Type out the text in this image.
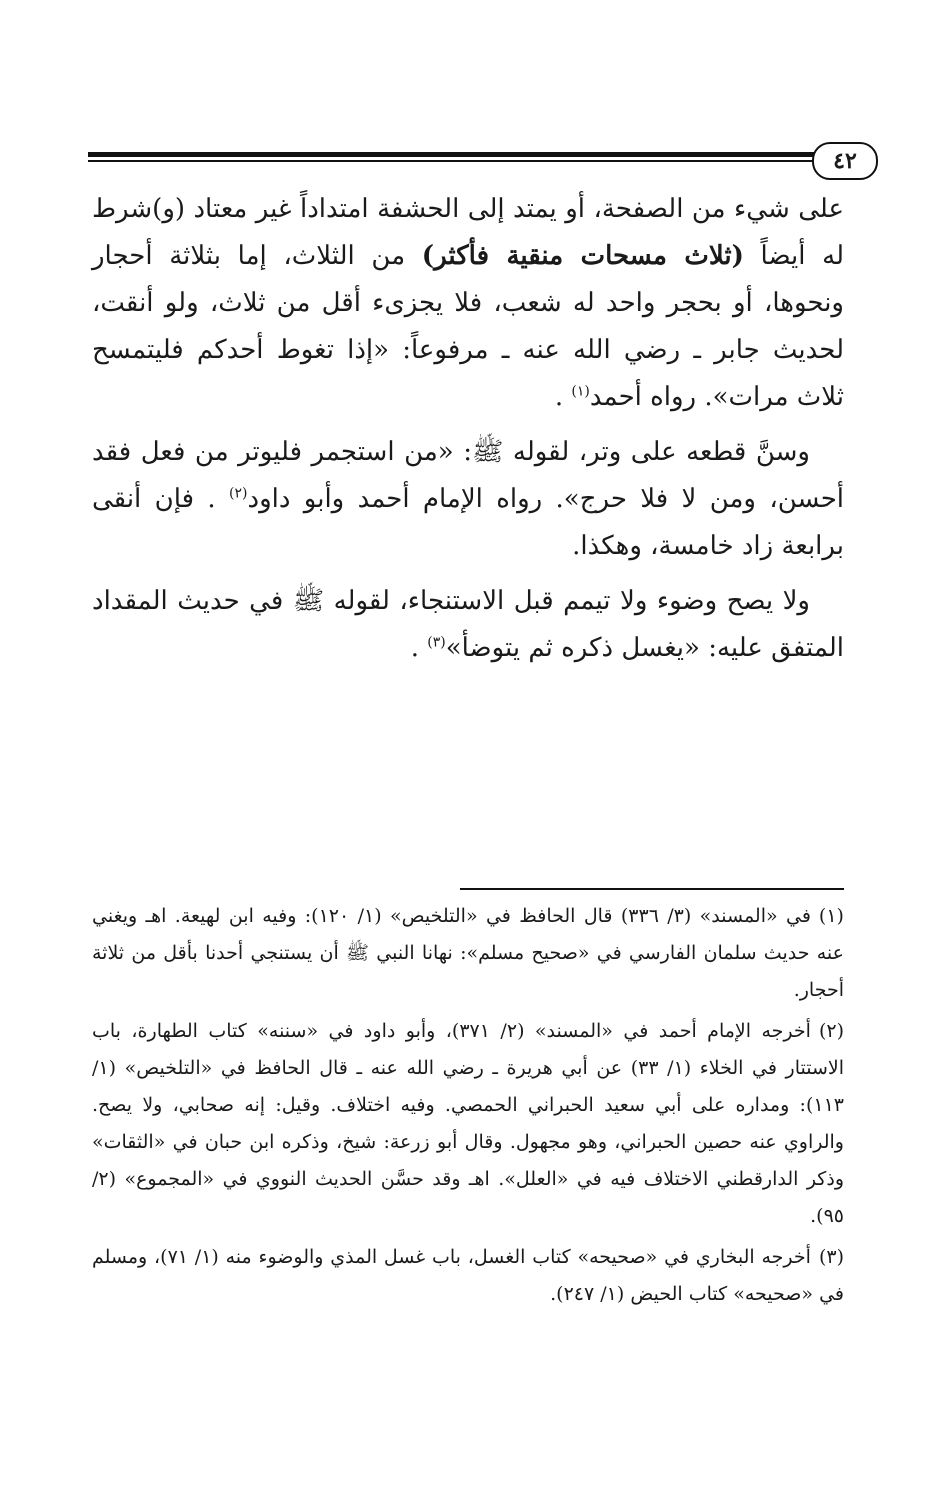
٤٢

على شيء من الصفحة، أو يمتد إلى الحشفة امتداداً غير معتاد (و)شرط له أيضاً (ثلاث مسحات منقية فأكثر) من الثلاث، إما بثلاثة أحجار ونحوها، أو بحجر واحد له شعب، فلا يجزىء أقل من ثلاث، ولو أنقت، لحديث جابر ـ رضي الله عنه ـ مرفوعاً: «إذا تغوط أحدكم فليتمسح ثلاث مرات». رواه أحمد$^{(١)}$ .

وسنَّ قطعه على وتر، لقوله ﷺ: «من استجمر فليوتر من فعل فقد أحسن، ومن لا فلا حرج». رواه الإمام أحمد وأبو داود$^{(٢)}$ . فإن أنقى برابعة زاد خامسة، وهكذا.

ولا يصح وضوء ولا تيمم قبل الاستنجاء، لقوله ﷺ في حديث المقداد المتفق عليه: «يغسل ذكره ثم يتوضأ»$^{(٣)}$ .

(١)في «المسند» (٣/ ٣٣٦) قال الحافظ في «التلخيص» (١/ ١٢٠): وفيه ابن لهيعة. اهـ ويغني عنه حديث سلمان الفارسي في «صحيح مسلم»: نهانا النبي ﷺ أن يستنجي أحدنا بأقل من ثلاثة أحجار.

(٢)أخرجه الإمام أحمد في «المسند» (٢/ ٣٧١)، وأبو داود في «سننه» كتاب الطهارة، باب الاستتار في الخلاء (١/ ٣٣) عن أبي هريرة ـ رضي الله عنه ـ قال الحافظ في «التلخيص» (١/ ١١٣): ومداره على أبي سعيد الحبراني الحمصي. وفيه اختلاف. وقيل: إنه صحابي، ولا يصح. والراوي عنه حصين الحبراني، وهو مجهول. وقال أبو زرعة: شيخ، وذكره ابن حبان في «الثقات» وذكر الدارقطني الاختلاف فيه في «العلل». اهـ وقد حسَّن الحديث النووي في «المجموع» (٢/ ٩٥).

(٣)أخرجه البخاري في «صحيحه» كتاب الغسل، باب غسل المذي والوضوء منه (١/ ٧١)، ومسلم في «صحيحه» كتاب الحيض (١/ ٢٤٧).
